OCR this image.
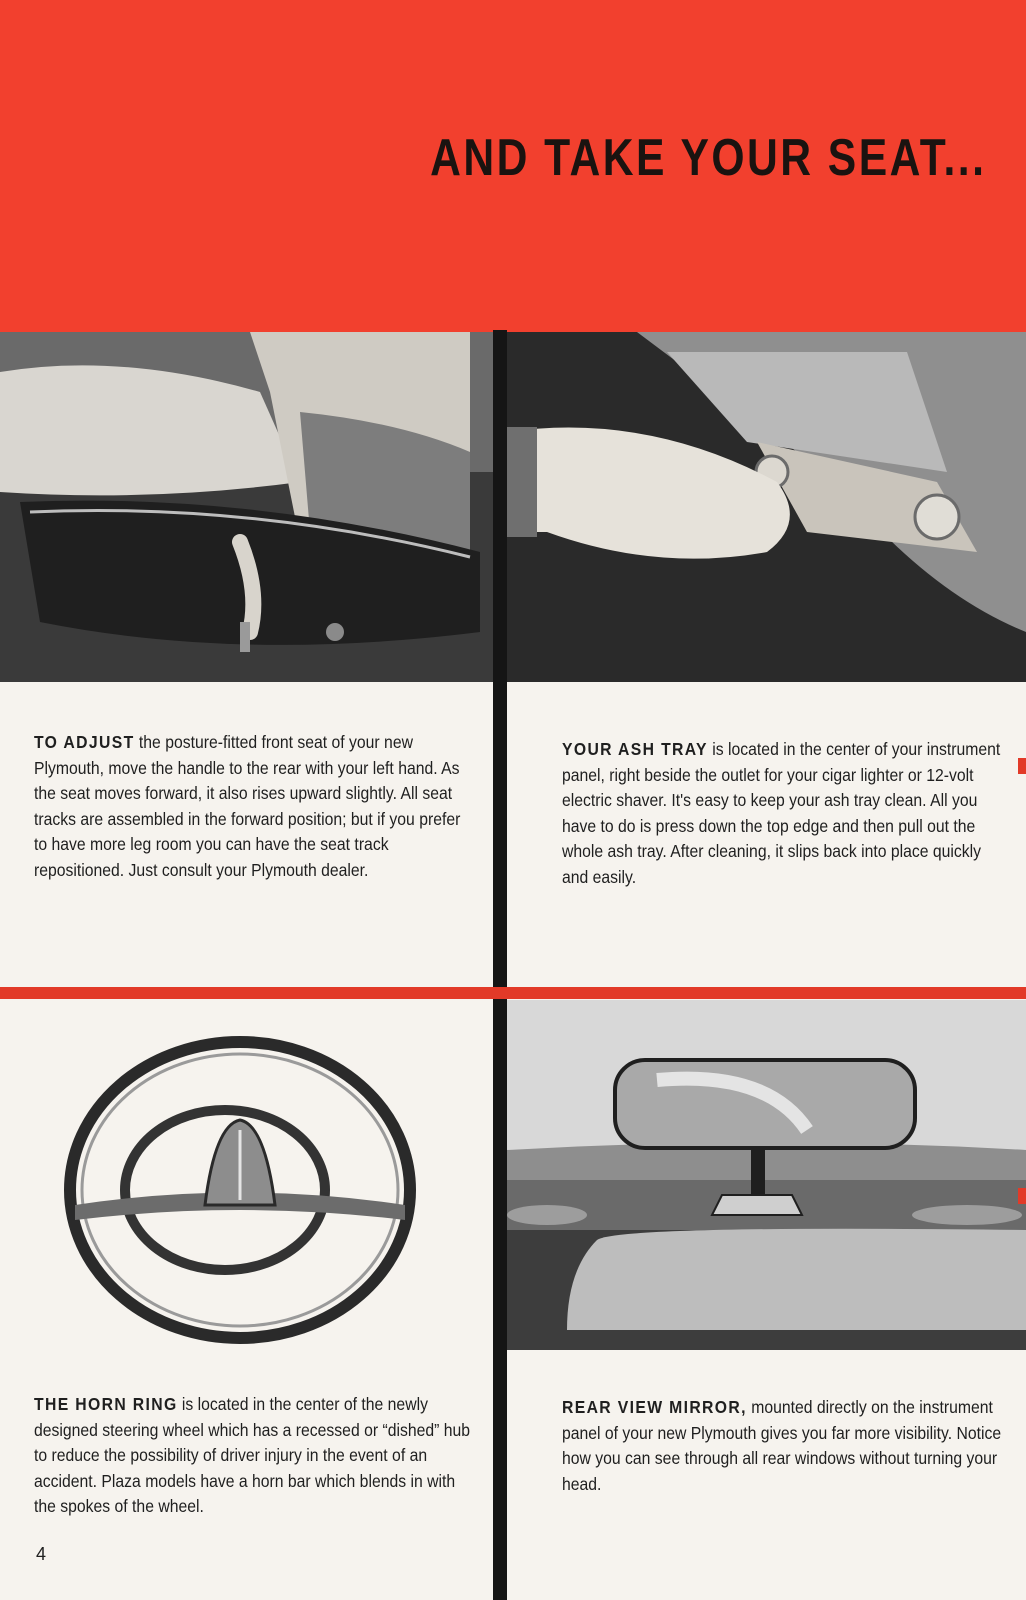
AND TAKE YOUR SEAT...
TO ADJUST the posture-fitted front seat of your new Plymouth, move the handle to the rear with your left hand. As the seat moves forward, it also rises upward slightly. All seat tracks are assembled in the forward position; but if you prefer to have more leg room you can have the seat track repositioned. Just consult your Plymouth dealer.
YOUR ASH TRAY is located in the center of your instrument panel, right beside the outlet for your cigar lighter or 12-volt electric shaver. It's easy to keep your ash tray clean. All you have to do is press down the top edge and then pull out the whole ash tray. After cleaning, it slips back into place quickly and easily.
THE HORN RING is located in the center of the newly designed steering wheel which has a recessed or “dished” hub to reduce the possibility of driver injury in the event of an accident. Plaza models have a horn bar which blends in with the spokes of the wheel.
REAR VIEW MIRROR, mounted directly on the instrument panel of your new Plymouth gives you far more visibility. Notice how you can see through all rear windows without turning your head.
4
